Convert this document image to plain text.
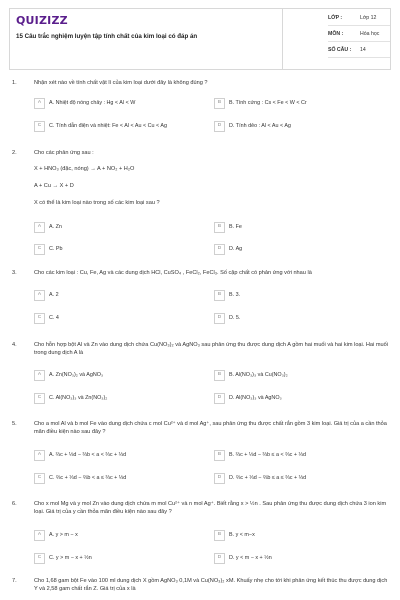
QUIZIZZ
15 Câu trắc nghiệm luyện tập tính chất của kim loại có đáp án
LỚP :	Lớp 12
MÔN :	Hóa học
SỐ CÂU : 14
1.	Nhận xét nào về tính chất vật lí của kim loại dưới đây là không đúng ?
A	A. Nhiệt độ nóng chảy : Hg < Al < W	B	B. Tính cứng : Cs < Fe < W < Cr
C	C. Tính dẫn điện và nhiệt: Fe < Al < Au < Cu < Ag	D	D. Tính dẻo : Al < Au < Ag
2.	Cho các phản ứng sau :
X + HNO₃ (đặc, nóng) → A + NO₂ + H₂O
A + Cu → X + D
X có thể là kim loại nào trong số các kim loại sau ?
A	A. Zn	B	B. Fe
C	C. Pb	D	D. Ag
3.	Cho các kim loại : Cu, Fe, Ag và các dung dịch HCl, CuSO₄ , FeCl₂, FeCl₃. Số cặp chất có phản ứng với nhau là
A	A. 2	B	B. 3.
C	C. 4	D	D. 5.
4.	Cho hỗn hợp bột Al và Zn vào dung dịch chứa Cu(NO₃)₂ và AgNO₃ sau phản ứng thu được dung dịch A gồm hai muối và hai kim loại. Hai muối trong dung dịch A là
A	A. Zn(NO₃)₂ và AgNO₃	B	B. Al(NO₃)₃ và Cu(NO₃)₂
C	C. Al(NO₃)₃ và Zn(NO₃)₂	D	D. Al(NO₃)₃ và AgNO₃
5.	Cho a mol Al và b mol Fe vào dung dịch chứa c mol Cu²⁺ và d mol Ag⁺, sau phản ứng thu được chất rắn gồm 3 kim loại. Giá trị của a cần thỏa mãn điều kiện nào sau đây ?
A	A. ⅔c + ⅓d − ⅔b < a < ⅔c + ⅓d	B	B. ⅔c + ⅓d − ⅔b ≤ a < ⅔c + ⅓d
C	C. ⅔c + ⅓d − ⅔b < a ≤ ⅔c + ⅓d	D	D. ⅔c + ⅓d − ⅔b ≤ a ≤ ⅔c + ⅓d
6.	Cho x mol Mg và y mol Zn vào dung dịch chứa m mol Cu²⁺ và n mol Ag⁺. Biết rằng x > ½n . Sau phản ứng thu được dung dịch chứa 3 ion kim loại. Giá trị của y cần thỏa mãn điều kiện nào sau đây ?
A	A. y > m − x	B	B. y < m−x
C	C. y > m − x + ½n	D	D. y < m − x + ½n
7.	Cho 1,68 gam bột Fe vào 100 ml dung dịch X gồm AgNO₃ 0,1M và Cu(NO₃)₂ xM. Khuấy nhẹ cho tới khi phản ứng kết thúc thu được dung dịch Y và 2,58 gam chất rắn Z. Giá trị của x là
